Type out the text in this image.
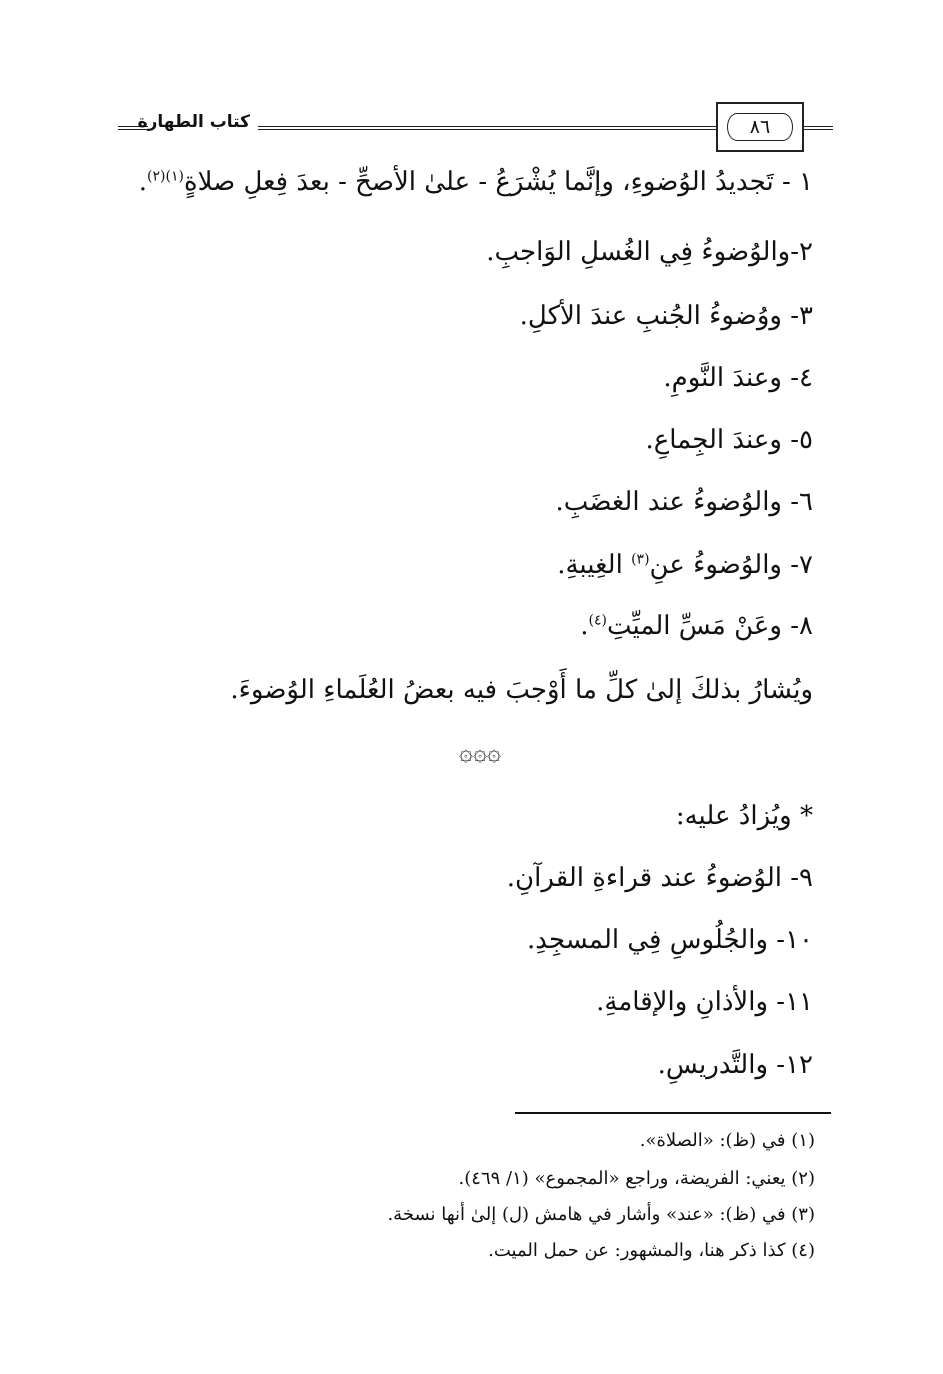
كتاب الطهارة	٨٦
١ - تَجديدُ الوُضوءِ، وإنَّما يُشْرَعُ - علىٰ الأصحِّ - بعدَ فِعلِ صلاةٍ$^{(١)(٢)}$.
٢-والوُضوءُ فِي الغُسلِ الوَاجبِ.
٣- ووُضوءُ الجُنبِ عندَ الأكلِ.
٤- وعندَ النَّومِ.
٥- وعندَ الجِماعِ.
٦- والوُضوءُ عند الغضَبِ.
٧- والوُضوءُ عنِ$^{(٣)}$ الغِيبةِ.
٨- وعَنْ مَسِّ الميِّتِ$^{(٤)}$.
ويُشارُ بذلكَ إلىٰ كلِّ ما أَوْجبَ فيه بعضُ العُلَماءِ الوُضوءَ.
۞۞۞
* ويُزادُ عليه:
٩- الوُضوءُ عند قراءةِ القرآنِ.
١٠- والجُلُوسِ فِي المسجِدِ.
١١- والأذانِ والإقامةِ.
١٢- والتَّدريسِ.
(١) في (ظ): «الصلاة».
(٢) يعني: الفريضة، وراجع «المجموع» (١/ ٤٦٩).
(٣) في (ظ): «عند» وأشار في هامش (ل) إلىٰ أنها نسخة.
(٤) كذا ذكر هنا، والمشهور: عن حمل الميت.
